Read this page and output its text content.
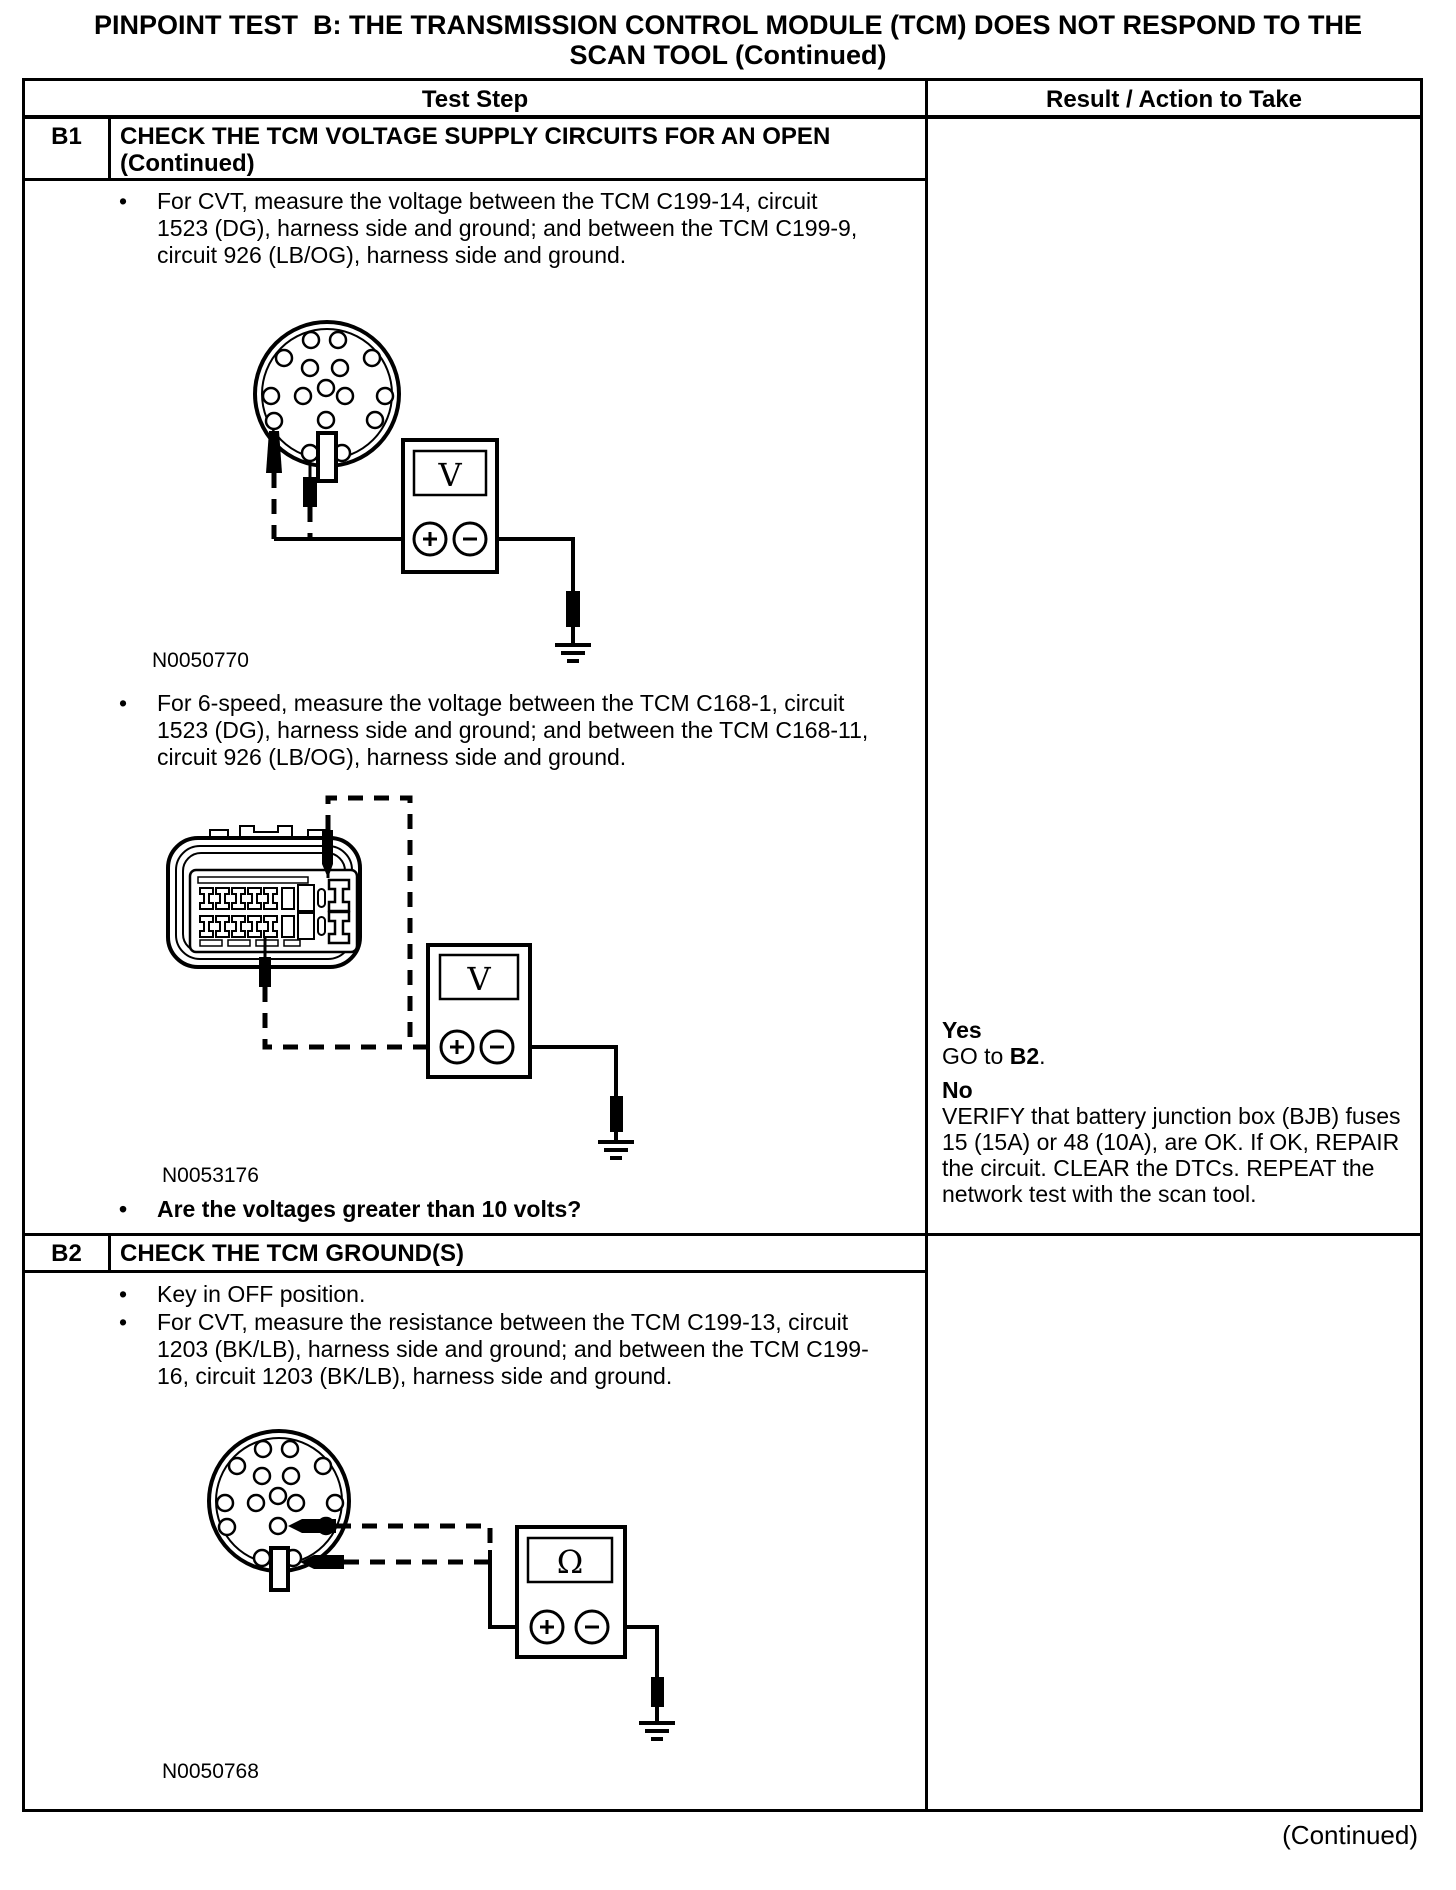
PINPOINT TEST  B: THE TRANSMISSION CONTROL MODULE (TCM) DOES NOT RESPOND TO THE
SCAN TOOL (Continued)
Test Step	Result / Action to Take
B1	CHECK THE TCM VOLTAGE SUPPLY CIRCUITS FOR AN OPEN (Continued)
•	For CVT, measure the voltage between the TCM C199-14, circuit 1523 (DG), harness side and ground; and between the TCM C199-9, circuit 926 (LB/OG), harness side and ground.
V
N0050770
•	For 6-speed, measure the voltage between the TCM C168-1, circuit 1523 (DG), harness side and ground; and between the TCM C168-11, circuit 926 (LB/OG), harness side and ground.
V
N0053176
•	Are the voltages greater than 10 volts?
Yes
GO to B2.
No
VERIFY that battery junction box (BJB) fuses 15 (15A) or 48 (10A), are OK. If OK, REPAIR the circuit. CLEAR the DTCs. REPEAT the network test with the scan tool.
B2	CHECK THE TCM GROUND(S)
•	Key in OFF position.
•	For CVT, measure the resistance between the TCM C199-13, circuit 1203 (BK/LB), harness side and ground; and between the TCM C199-16, circuit 1203 (BK/LB), harness side and ground.
Ω
N0050768
(Continued)
